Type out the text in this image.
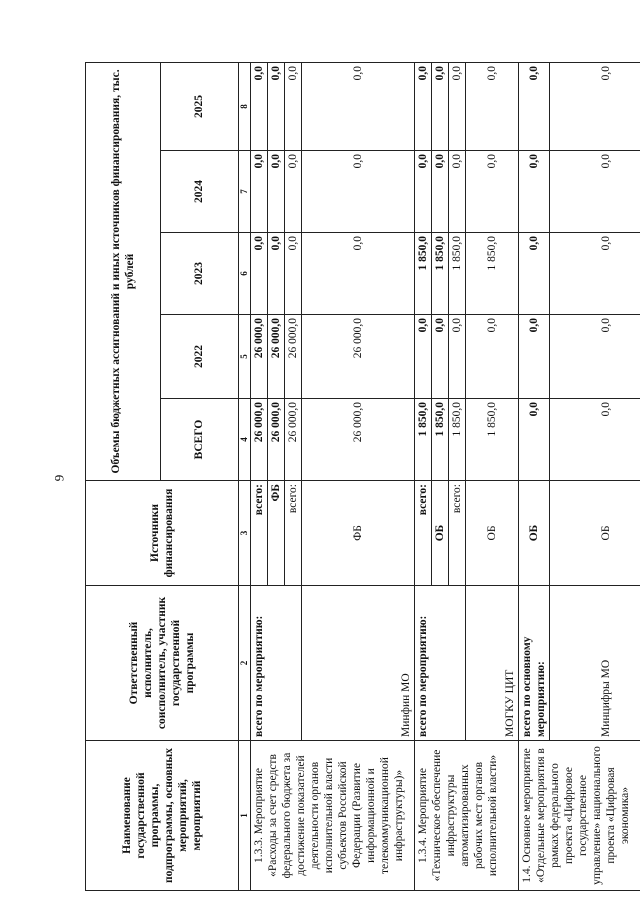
9
Наименование государственной программы, подпрограммы, основных мероприятий, мероприятий	Ответственный исполнитель, соисполнитель, участник государственной программы	Источники финансирования	Объемы бюджетных ассигнований и иных источников финансирования, тыс. рублей				
			ВСЕГО	2022	2023	2024	2025
1	2	3	4	5	6	7	8
1.3.3. Мероприятие «Расходы за счет средств федерального бюджета за достижение показателей деятельности органов исполнительной власти субъектов Российской Федерации (Развитие информационной и телекоммуникационной инфраструктуры)»	всего по мероприятию:	всего:	26 000,0	26 000,0	0,0	0,0	0,0
		ФБ	26 000,0	26 000,0	0,0	0,0	0,0
		всего:	26 000,0	26 000,0	0,0	0,0	0,0
	Минфин МО	ФБ	26 000,0	26 000,0	0,0	0,0	0,0
1.3.4. Мероприятие «Техническое обеспечение инфраструктуры автоматизированных рабочих мест органов исполнительной власти»	всего по мероприятию:	всего:	1 850,0	0,0	1 850,0	0,0	0,0
		ОБ	1 850,0	0,0	1 850,0	0,0	0,0
		всего:	1 850,0	0,0	1 850,0	0,0	0,0
	МОГКУ ЦИТ	ОБ	1 850,0	0,0	1 850,0	0,0	0,0
1.4. Основное мероприятие «Отдельные мероприятия в рамках федерального проекта «Цифровое государственное управление» национального проекта «Цифровая экономика»	всего по основному мероприятию:	ОБ	0,0	0,0	0,0	0,0	0,0
	Минцифры МО	ОБ	0,0	0,0	0,0	0,0	0,0
